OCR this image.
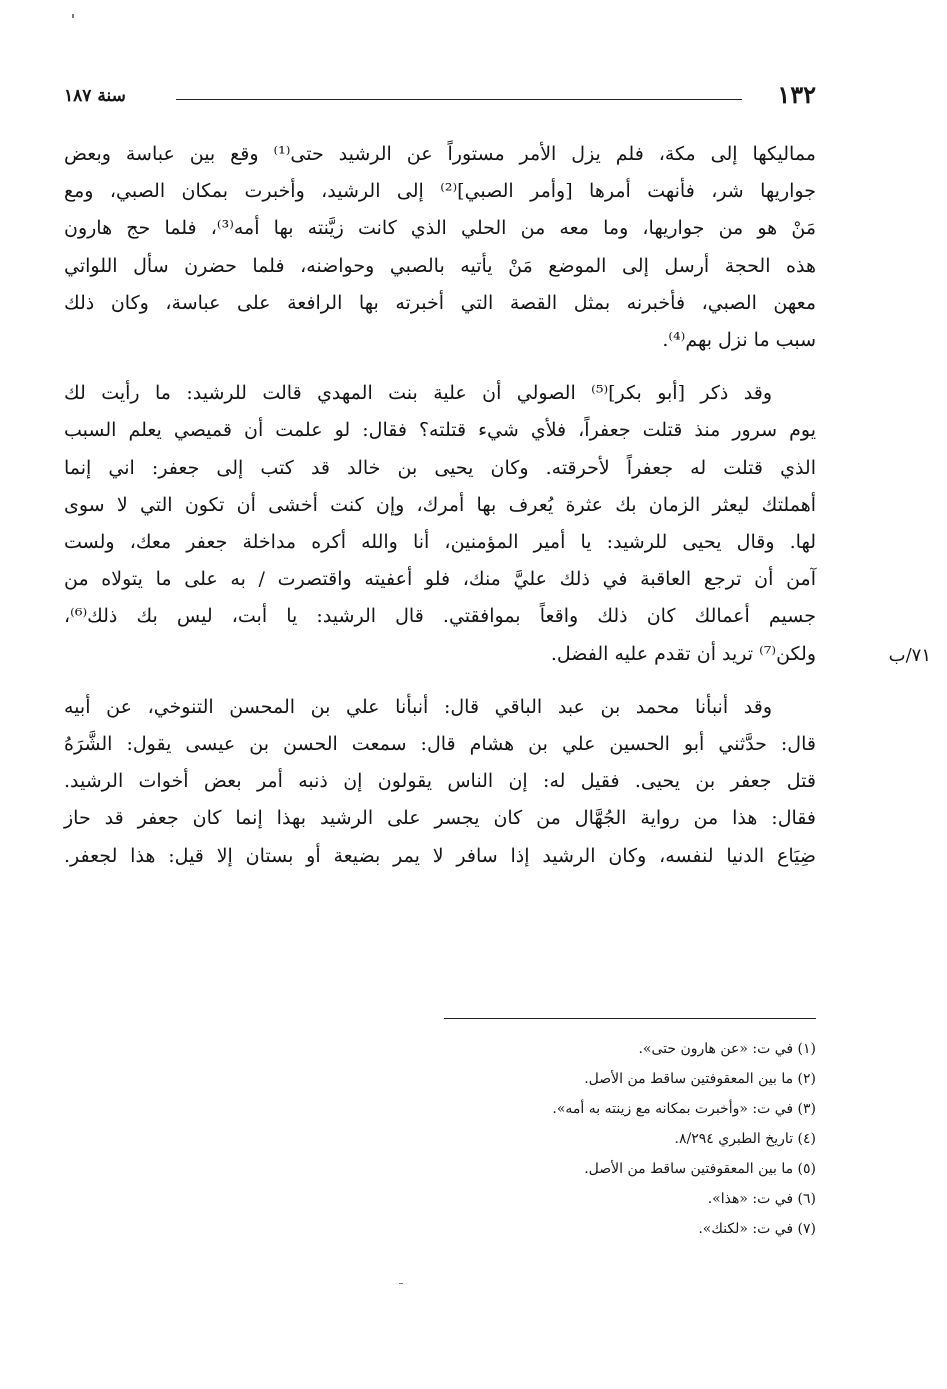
١٣٢
سنة ١٨٧
٧١/ب
مماليكها إلى مكة، فلم يزل الأمر مستوراً عن الرشيد حتى⁽¹⁾ وقع بين عباسة وبعض
جواريها شر، فأنهت أمرها [وأمر الصبي]⁽²⁾ إلى الرشيد، وأخبرت بمكان الصبي، ومع
مَنْ هو من جواريها، وما معه من الحلي الذي كانت زيَّنته بها أمه⁽³⁾، فلما حج هارون
هذه الحجة أرسل إلى الموضع مَنْ يأتيه بالصبي وحواضنه، فلما حضرن سأل اللواتي
معهن الصبي، فأخبرنه بمثل القصة التي أخبرته بها الرافعة على عباسة، وكان ذلك
سبب ما نزل بهم⁽⁴⁾.
وقد ذكر [أبو بكر]⁽⁵⁾ الصولي أن علية بنت المهدي قالت للرشيد: ما رأيت لك
يوم سرور منذ قتلت جعفراً، فلأي شيء قتلته؟ فقال: لو علمت أن قميصي يعلم السبب
الذي قتلت له جعفراً لأحرقته. وكان يحيى بن خالد قد كتب إلى جعفر: اني إنما
أهملتك ليعثر الزمان بك عثرة يُعرف بها أمرك، وإن كنت أخشى أن تكون التي لا سوى
لها. وقال يحيى للرشيد: يا أمير المؤمنين، أنا والله أكره مداخلة جعفر معك، ولست
آمن أن ترجع العاقبة في ذلك عليَّ منك، فلو أعفيته واقتصرت / به على ما يتولاه من
جسيم أعمالك كان ذلك واقعاً بموافقتي. قال الرشيد: يا أبت، ليس بك ذلك⁽⁶⁾،
ولكن⁽⁷⁾ تريد أن تقدم عليه الفضل.
وقد أنبأنا محمد بن عبد الباقي قال: أنبأنا علي بن المحسن التنوخي، عن أبيه
قال: حدَّثني أبو الحسين علي بن هشام قال: سمعت الحسن بن عيسى يقول: الشَّرَهُ
قتل جعفر بن يحيى. فقيل له: إن الناس يقولون إن ذنبه أمر بعض أخوات الرشيد.
فقال: هذا من رواية الجُهَّال من كان يجسر على الرشيد بهذا إنما كان جعفر قد حاز
ضِيَاع الدنيا لنفسه، وكان الرشيد إذا سافر لا يمر بضيعة أو بستان إلا قيل: هذا لجعفر.
(١) في ت: «عن هارون حتى».
(٢) ما بين المعقوفتين ساقط من الأصل.
(٣) في ت: «وأخبرت بمكانه مع زينته به أمه».
(٤) تاريخ الطبري ٨/٢٩٤.
(٥) ما بين المعقوفتين ساقط من الأصل.
(٦) في ت: «هذا».
(٧) في ت: «لكنك».
